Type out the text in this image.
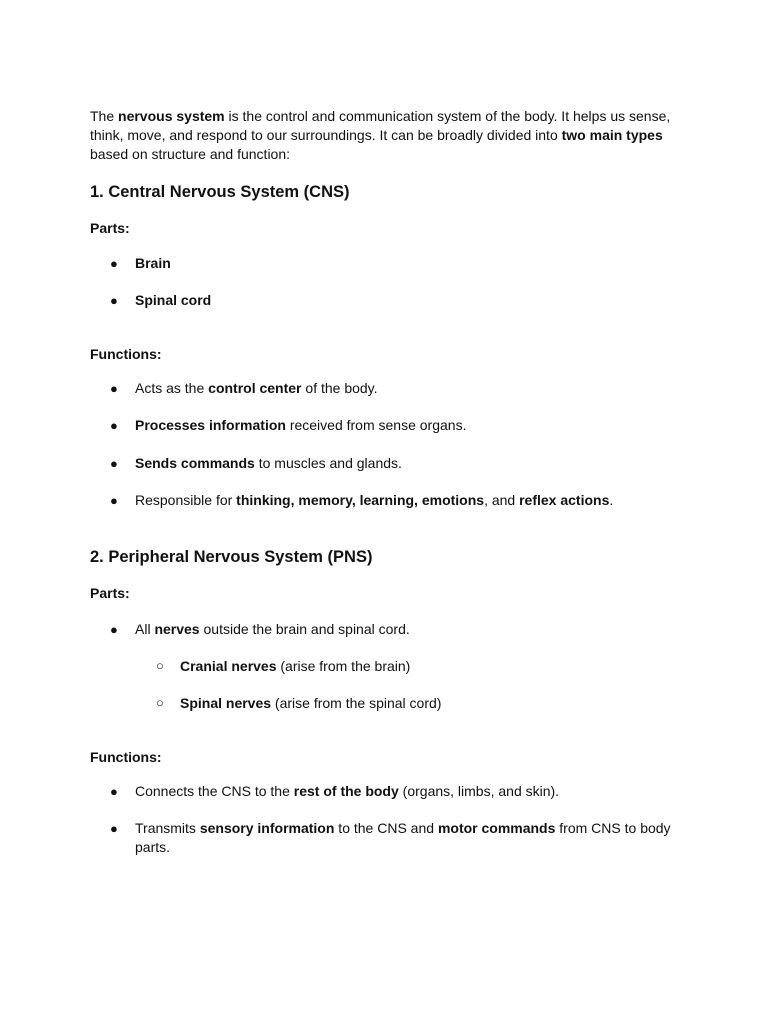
The nervous system is the control and communication system of the body. It helps us sense, think, move, and respond to our surroundings. It can be broadly divided into two main types based on structure and function:

1. Central Nervous System (CNS)

Parts:

● Brain
● Spinal cord

Functions:

● Acts as the control center of the body.
● Processes information received from sense organs.
● Sends commands to muscles and glands.
● Responsible for thinking, memory, learning, emotions, and reflex actions.
2. Peripheral Nervous System (PNS)

Parts:

● All nerves outside the brain and spinal cord.
○ Cranial nerves (arise from the brain)
○ Spinal nerves (arise from the spinal cord)

Functions:

● Connects the CNS to the rest of the body (organs, limbs, and skin).
● Transmits sensory information to the CNS and motor commands from CNS to body parts.
